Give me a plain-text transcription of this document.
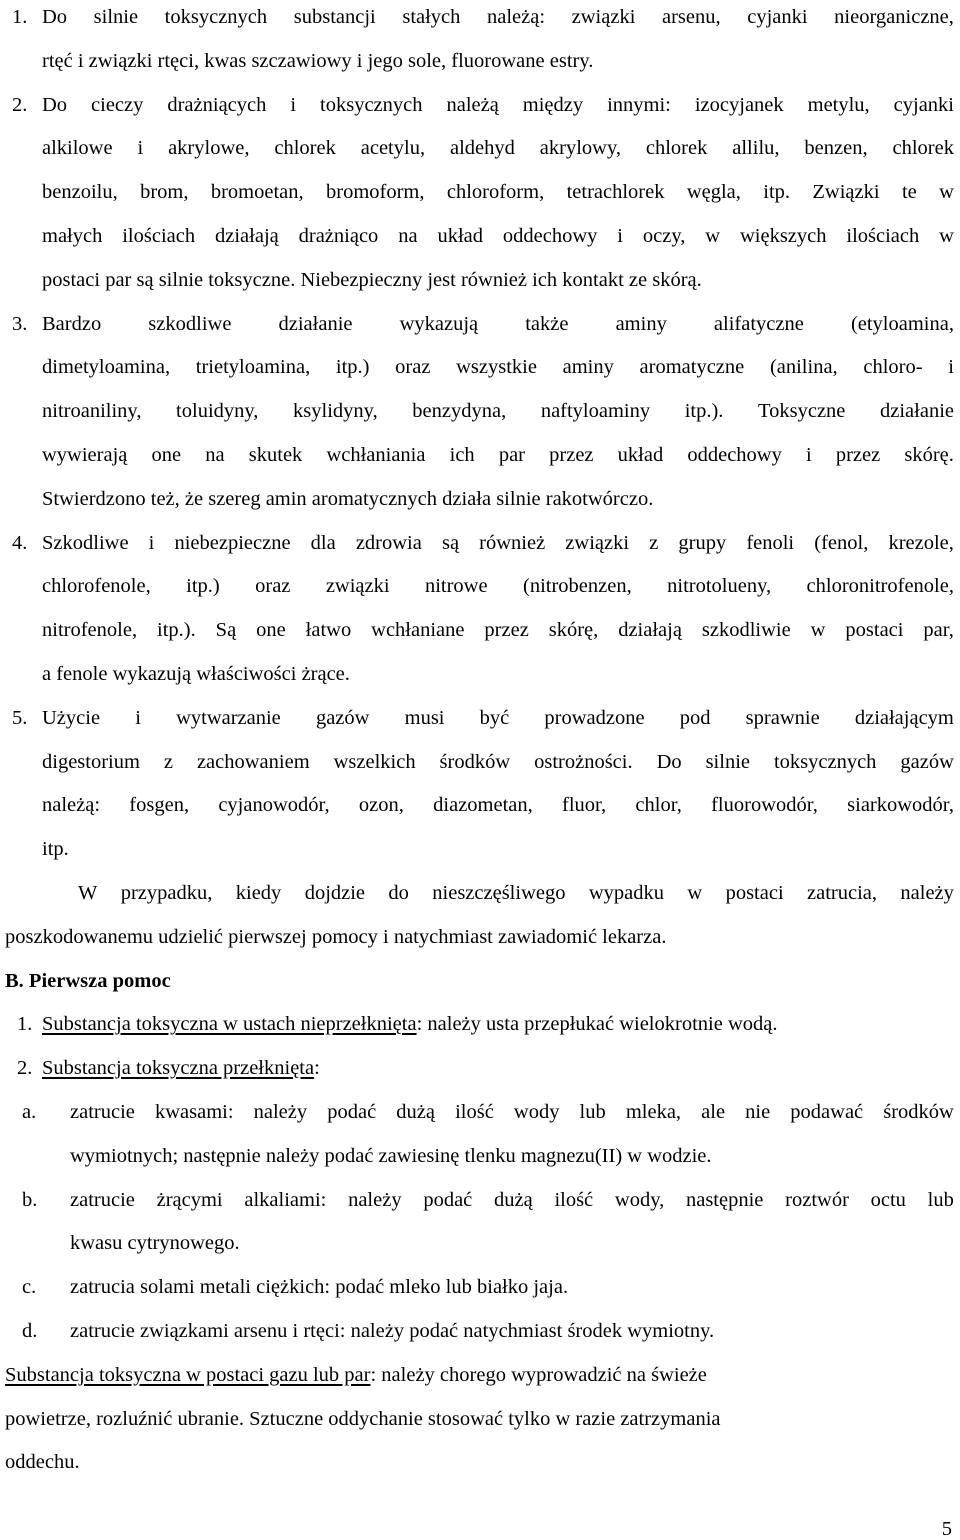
1. Do silnie toksycznych substancji stałych należą: związki arsenu, cyjanki nieorganiczne,
rtęć i związki rtęci, kwas szczawiowy i jego sole, fluorowane estry.
2. Do cieczy drażniących i toksycznych należą między innymi: izocyjanek metylu, cyjanki
alkilowe i akrylowe, chlorek acetylu, aldehyd akrylowy, chlorek allilu, benzen, chlorek
benzoilu, brom, bromoetan, bromoform, chloroform, tetrachlorek węgla, itp. Związki te w
małych ilościach działają drażniąco na układ oddechowy i oczy, w większych ilościach w
postaci par są silnie toksyczne. Niebezpieczny jest również ich kontakt ze skórą.
3. Bardzo szkodliwe działanie wykazują także aminy alifatyczne (etyloamina,
dimetyloamina, trietyloamina, itp.) oraz wszystkie aminy aromatyczne (anilina, chloro- i
nitroaniliny, toluidyny, ksylidyny, benzydyna, naftyloaminy itp.). Toksyczne działanie
wywierają one na skutek wchłaniania ich par przez układ oddechowy i przez skórę.
Stwierdzono też, że szereg amin aromatycznych działa silnie rakotwórczo.
4. Szkodliwe i niebezpieczne dla zdrowia są również związki z grupy fenoli (fenol, krezole,
chlorofenole, itp.) oraz związki nitrowe (nitrobenzen, nitrotolueny, chloronitrofenole,
nitrofenole, itp.). Są one łatwo wchłaniane przez skórę, działają szkodliwie w postaci par,
a fenole wykazują właściwości żrące.
5. Użycie i wytwarzanie gazów musi być prowadzone pod sprawnie działającym
digestorium z zachowaniem wszelkich środków ostrożności. Do silnie toksycznych gazów
należą: fosgen, cyjanowodór, ozon, diazometan, fluor, chlor, fluorowodór, siarkowodór,
itp.
W przypadku, kiedy dojdzie do nieszczęśliwego wypadku w postaci zatrucia, należy
poszkodowanemu udzielić pierwszej pomocy i natychmiast zawiadomić lekarza.
B. Pierwsza pomoc
1. Substancja toksyczna w ustach nieprzełknięta: należy usta przepłukać wielokrotnie wodą.
2. Substancja toksyczna przełknięta:
a. zatrucie kwasami: należy podać dużą ilość wody lub mleka, ale nie podawać środków
wymiotnych; następnie należy podać zawiesinę tlenku magnezu(II) w wodzie.
b. zatrucie żrącymi alkaliami: należy podać dużą ilość wody, następnie roztwór octu lub
kwasu cytrynowego.
c. zatrucia solami metali ciężkich: podać mleko lub białko jaja.
d. zatrucie związkami arsenu i rtęci: należy podać natychmiast środek wymiotny.
Substancja toksyczna w postaci gazu lub par: należy chorego wyprowadzić na świeże
powietrze, rozluźnić ubranie. Sztuczne oddychanie stosować tylko w razie zatrzymania
oddechu.
5
